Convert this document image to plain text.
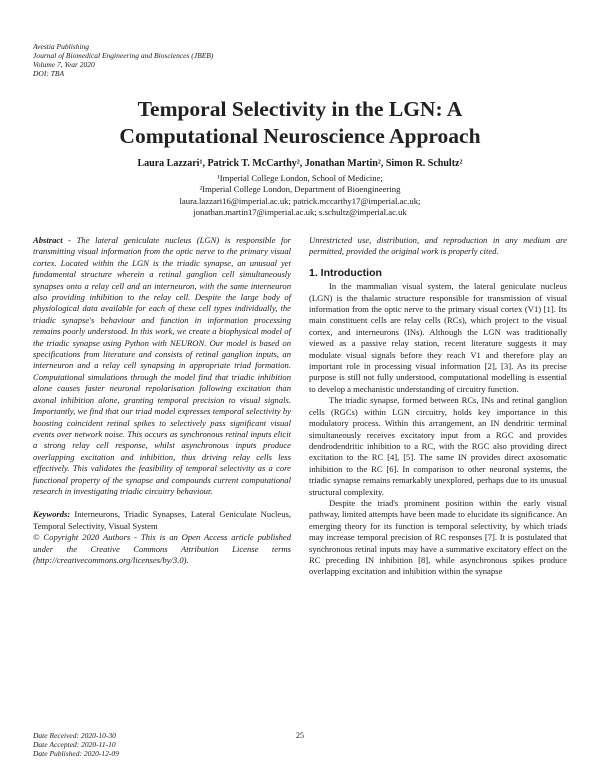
Avestia Publishing
Journal of Biomedical Engineering and Biosciences (JBEB)
Volume 7, Year 2020
DOI: TBA
Temporal Selectivity in the LGN: A
Computational Neuroscience Approach
Laura Lazzari¹, Patrick T. McCarthy², Jonathan Martin², Simon R. Schultz²
¹Imperial College London, School of Medicine;
²Imperial College London, Department of Bioengineering
laura.lazzari16@imperial.ac.uk; patrick.mccarthy17@imperial.ac.uk;
jonathan.martin17@imperial.ac.uk; s.schultz@imperial.ac.uk

Abstract - The lateral geniculate nucleus (LGN) is responsible for transmitting visual information from the optic nerve to the primary visual cortex. Located within the LGN is the triadic synapse, an unusual yet fundamental structure wherein a retinal ganglion cell simultaneously synapses onto a relay cell and an interneuron, with the same interneuron also providing inhibition to the relay cell. Despite the large body of physiological data available for each of these cell types individually, the triadic synapse's behaviour and function in information processing remains poorly understood. In this work, we create a biophysical model of the triadic synapse using Python with NEURON. Our model is based on specifications from literature and consists of retinal ganglion inputs, an interneuron and a relay cell synapsing in appropriate triad formation. Computational simulations through the model find that triadic inhibition alone causes faster neuronal repolarisation following excitation than axonal inhibition alone, granting temporal precision to visual signals. Importantly, we find that our triad model expresses temporal selectivity by boosting coincident retinal spikes to selectively pass significant visual events over network noise. This occurs as synchronous retinal inputs elicit a strong relay cell response, whilst asynchronous inputs produce overlapping excitation and inhibition, thus driving relay cells less effectively. This validates the feasibility of temporal selectivity as a core functional property of the synapse and compounds current computational research in investigating triadic circuitry behaviour.

Keywords: Interneurons, Triadic Synapses, Lateral Geniculate Nucleus, Temporal Selectivity, Visual System

© Copyright 2020 Authors - This is an Open Access article published under the Creative Commons Attribution License terms (http://creativecommons.org/licenses/by/3.0).

Unrestricted use, distribution, and reproduction in any medium are permitted, provided the original work is properly cited.

1. Introduction

In the mammalian visual system, the lateral geniculate nucleus (LGN) is the thalamic structure responsible for transmission of visual information from the optic nerve to the primary visual cortex (V1) [1]. Its main constituent cells are relay cells (RCs), which project to the visual cortex, and interneurons (INs). Although the LGN was traditionally viewed as a passive relay station, recent literature suggests it may modulate visual signals before they reach V1 and therefore play an important role in processing visual information [2], [3]. As its precise purpose is still not fully understood, computational modelling is essential to develop a mechanistic understanding of circuitry function.

The triadic synapse, formed between RCs, INs and retinal ganglion cells (RGCs) within LGN circuitry, holds key importance in this modulatory process. Within this arrangement, an IN dendritic terminal simultaneously receives excitatory input from a RGC and provides dendrodendritic inhibition to a RC, with the RGC also providing direct excitation to the RC [4], [5]. The same IN provides direct axosomatic inhibition to the RC [6]. In comparison to other neuronal systems, the triadic synapse remains remarkably unexplored, perhaps due to its unusual structural complexity.

Despite the triad's prominent position within the early visual pathway, limited attempts have been made to elucidate its significance. An emerging theory for its function is temporal selectivity, by which triads may increase temporal precision of RC responses [7]. It is postulated that synchronous retinal inputs may have a summative excitatory effect on the RC preceding IN inhibition [8], while asynchronous spikes produce overlapping excitation and inhibition within the synapse

Date Received: 2020-10-30
Date Accepted: 2020-11-10
Date Published: 2020-12-09
25
